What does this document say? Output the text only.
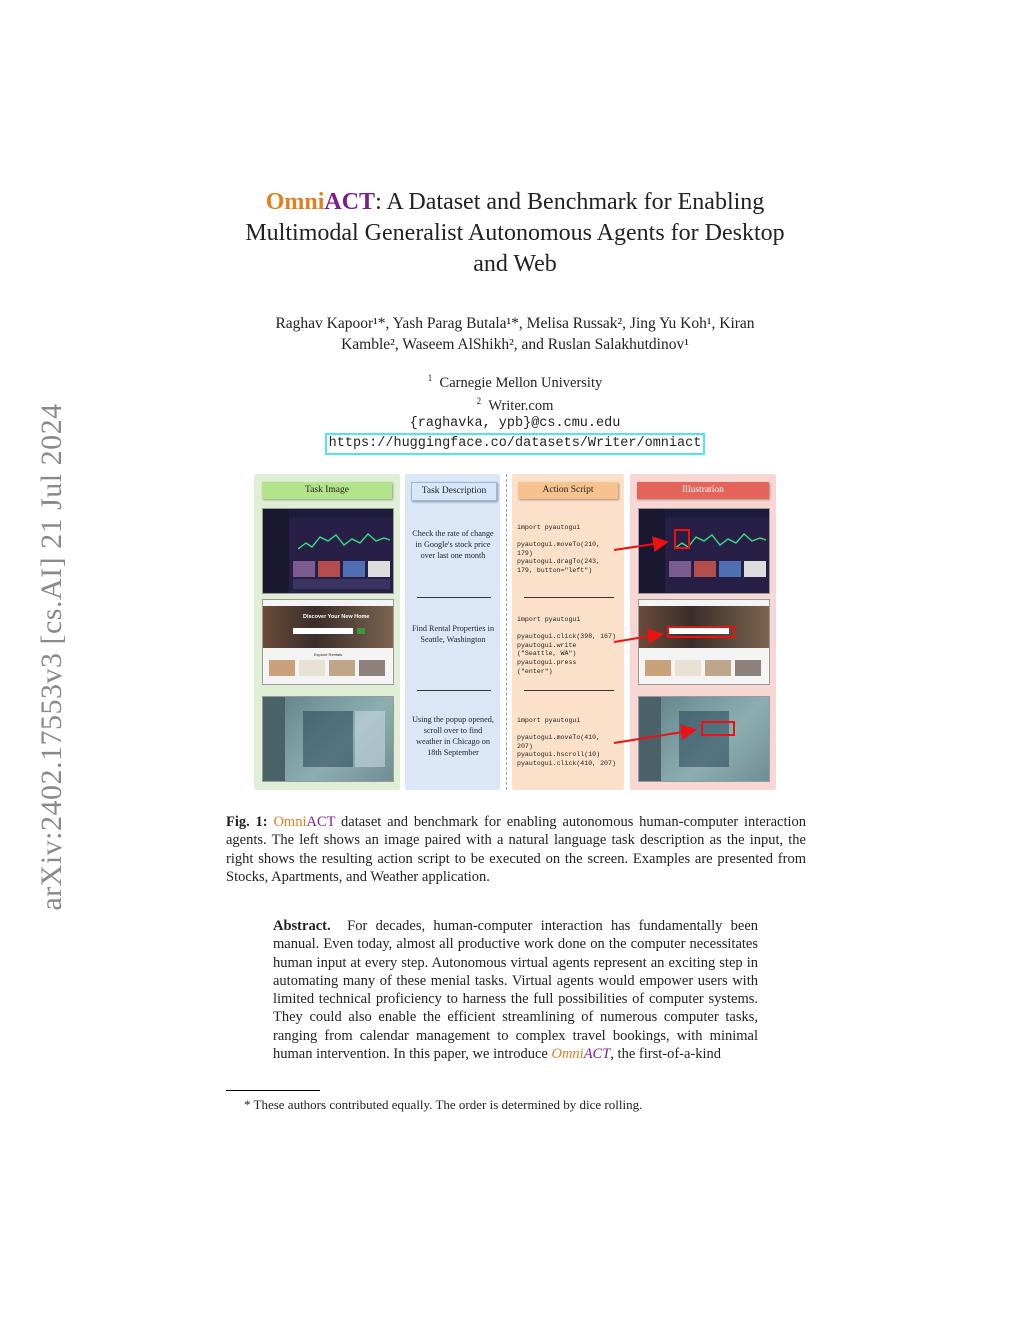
arXiv:2402.17553v3 [cs.AI] 21 Jul 2024
OmniACT: A Dataset and Benchmark for Enabling
Multimodal Generalist Autonomous Agents for Desktop
and Web
Raghav Kapoor¹*, Yash Parag Butala¹*, Melisa Russak², Jing Yu Koh¹, Kiran
Kamble², Waseem AlShikh², and Ruslan Salakhutdinov¹
$^1$ Carnegie Mellon University
$^2$ Writer.com
{raghavka, ypb}@cs.cmu.edu
https://huggingface.co/datasets/Writer/omniact
Task Image
Discover Your New Home
Explore Rentals
Task Description
Check the rate of change in Google's stock price over last one month
Find Rental Properties in Seattle, Washington
Using the popup opened, scroll over to find weather in Chicago on 18th September
Action Script
import pyautogui

pyautogui.moveTo(210,
179)
pyautogui.dragTo(243,
179, button="left")
import pyautogui

pyautogui.click(398, 167)
pyautogui.write
("Seattle, WA")
pyautogui.press
("enter")
import pyautogui

pyautogui.moveTo(410,
207)
pyautogui.hscroll(10)
pyautogui.click(410, 207)
Illustration
Fig. 1: OmniACT dataset and benchmark for enabling autonomous human-computer interaction agents. The left shows an image paired with a natural language task description as the input, the right shows the resulting action script to be executed on the screen. Examples are presented from Stocks, Apartments, and Weather application.
Abstract. For decades, human-computer interaction has fundamentally been manual. Even today, almost all productive work done on the computer necessitates human input at every step. Autonomous virtual agents represent an exciting step in automating many of these menial tasks. Virtual agents would empower users with limited technical proficiency to harness the full possibilities of computer systems. They could also enable the efficient streamlining of numerous computer tasks, ranging from calendar management to complex travel bookings, with minimal human intervention. In this paper, we introduce OmniACT, the first-of-a-kind
* These authors contributed equally. The order is determined by dice rolling.
